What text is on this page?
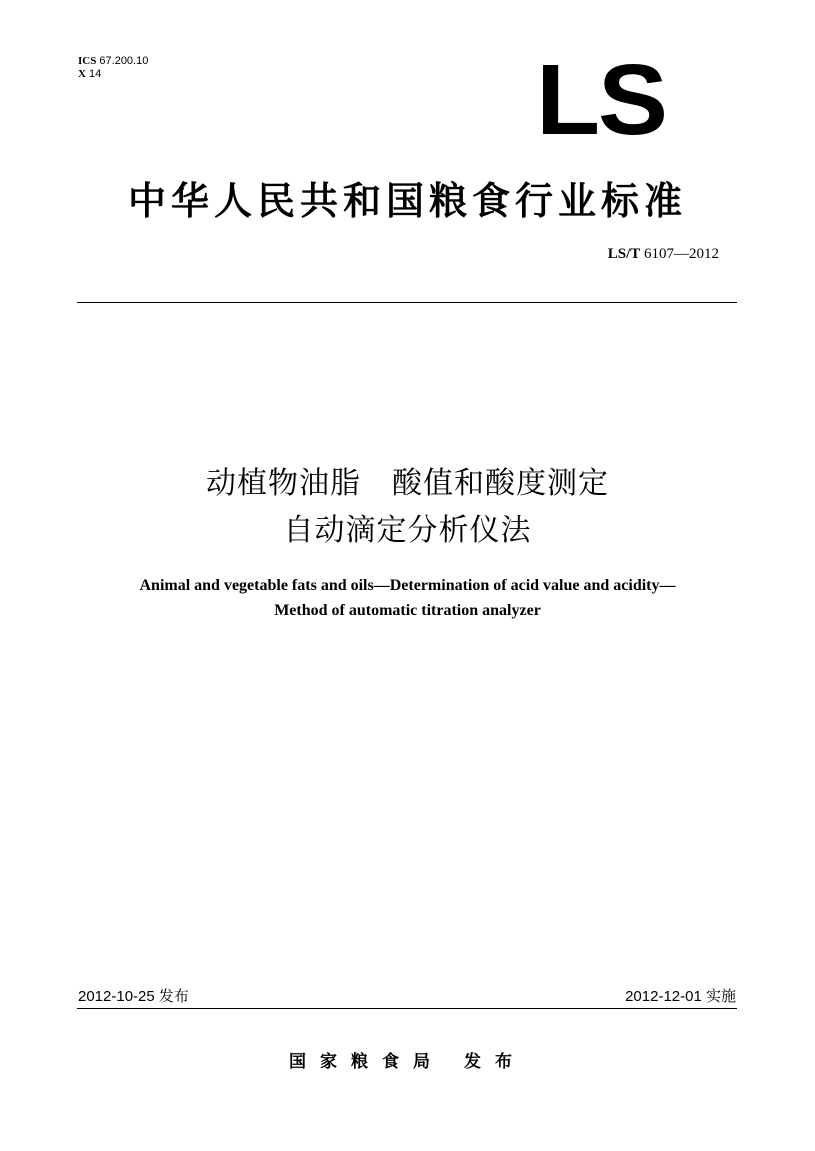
ICS 67.200.10
X 14	LS
中华人民共和国粮食行业标准
LS/T 6107—2012
动植物油脂　酸值和酸度测定
自动滴定分析仪法
Animal and vegetable fats and oils—Determination of acid value and acidity—
Method of automatic titration analyzer
2012-10-25 发布	2012-12-01 实施
国家粮食局 发布
